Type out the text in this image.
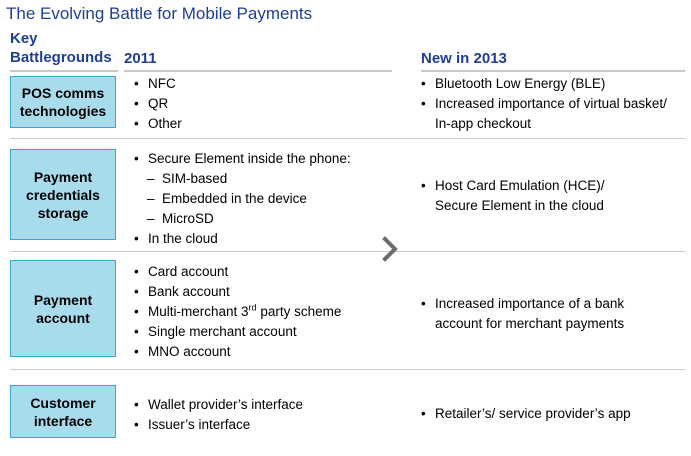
The Evolving Battle for Mobile Payments
Key
Battlegrounds 2011	New in 2013
POS comms
technologies
• NFC
• QR
• Other
• Bluetooth Low Energy (BLE)
• Increased importance of virtual basket/
In-app checkout
Payment
credentials
storage
• Secure Element inside the phone:
– SIM-based
– Embedded in the device
– MicroSD
• In the cloud
• Host Card Emulation (HCE)/
Secure Element in the cloud
Payment
account
• Card account
• Bank account
• Multi-merchant 3rd party scheme
• Single merchant account
• MNO account
• Increased importance of a bank
account for merchant payments
Customer
interface
• Wallet provider’s interface
• Issuer’s interface
• Retailer’s/ service provider’s app
